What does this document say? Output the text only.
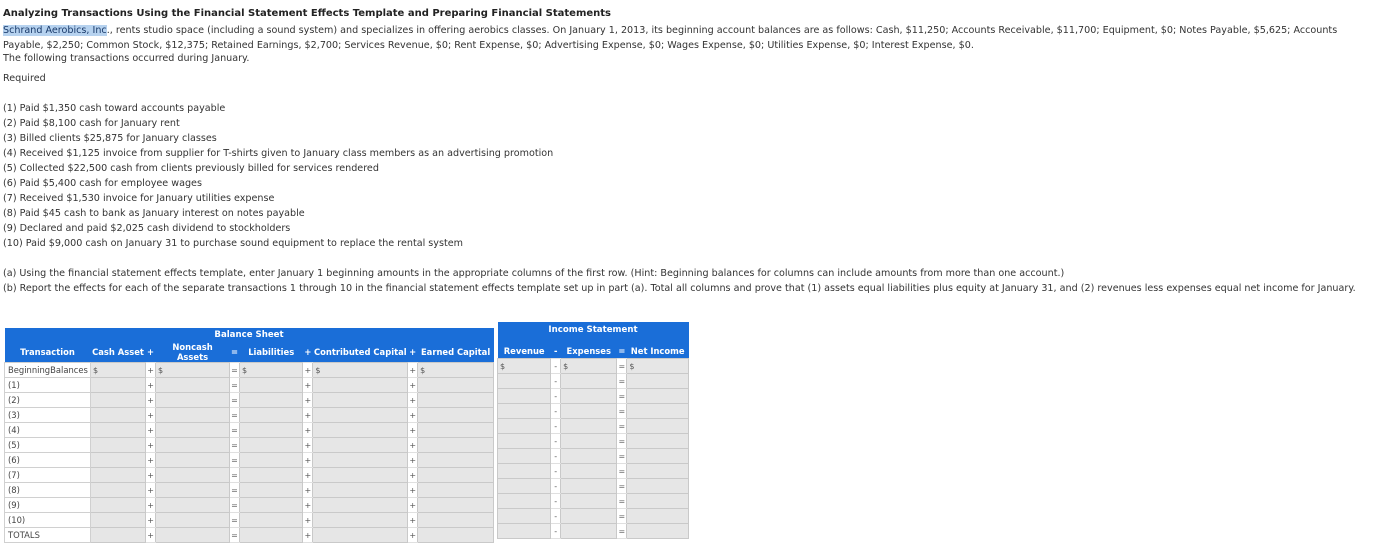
Analyzing Transactions Using the Financial Statement Effects Template and Preparing Financial Statements
Schrand Aerobics, Inc., rents studio space (including a sound system) and specializes in offering aerobics classes. On January 1, 2013, its beginning account balances are as follows: Cash, $11,250; Accounts Receivable, $11,700; Equipment, $0; Notes Payable, $5,625; Accounts Payable, $2,250; Common Stock, $12,375; Retained Earnings, $2,700; Services Revenue, $0; Rent Expense, $0; Advertising Expense, $0; Wages Expense, $0; Utilities Expense, $0; Interest Expense, $0.
The following transactions occurred during January.
Required
(1) Paid $1,350 cash toward accounts payable
(2) Paid $8,100 cash for January rent
(3) Billed clients $25,875 for January classes
(4) Received $1,125 invoice from supplier for T-shirts given to January class members as an advertising promotion
(5) Collected $22,500 cash from clients previously billed for services rendered
(6) Paid $5,400 cash for employee wages
(7) Received $1,530 invoice for January utilities expense
(8) Paid $45 cash to bank as January interest on notes payable
(9) Declared and paid $2,025 cash dividend to stockholders
(10) Paid $9,000 cash on January 31 to purchase sound equipment to replace the rental system
(a) Using the financial statement effects template, enter January 1 beginning amounts in the appropriate columns of the first row. (Hint: Beginning balances for columns can include amounts from more than one account.)
(b) Report the effects for each of the separate transactions 1 through 10 in the financial statement effects template set up in part (a). Total all columns and prove that (1) assets equal liabilities plus equity at January 31, and (2) revenues less expenses equal net income for January.
Balance Sheet									
Transaction	Cash Asset	+	Noncash Assets	=	Liabilities	+	Contributed Capital	+	Earned Capital
BeginningBalances	$	+	$	=	$	+	$	+	$
(1)		+		=		+		+	
(2)		+		=		+		+	
(3)		+		=		+		+	
(4)		+		=		+		+	
(5)		+		=		+		+	
(6)		+		=		+		+	
(7)		+		=		+		+	
(8)		+		=		+		+	
(9)		+		=		+		+	
(10)		+		=		+		+	
TOTALS		+		=		+		+	
Income Statement				

Revenue	-	Expenses	=	Net Income
$	-	$	=	$
	-		=	
	-		=	
	-		=	
	-		=	
	-		=	
	-		=	
	-		=	
	-		=	
	-		=	
	-		=	
	-		=	
